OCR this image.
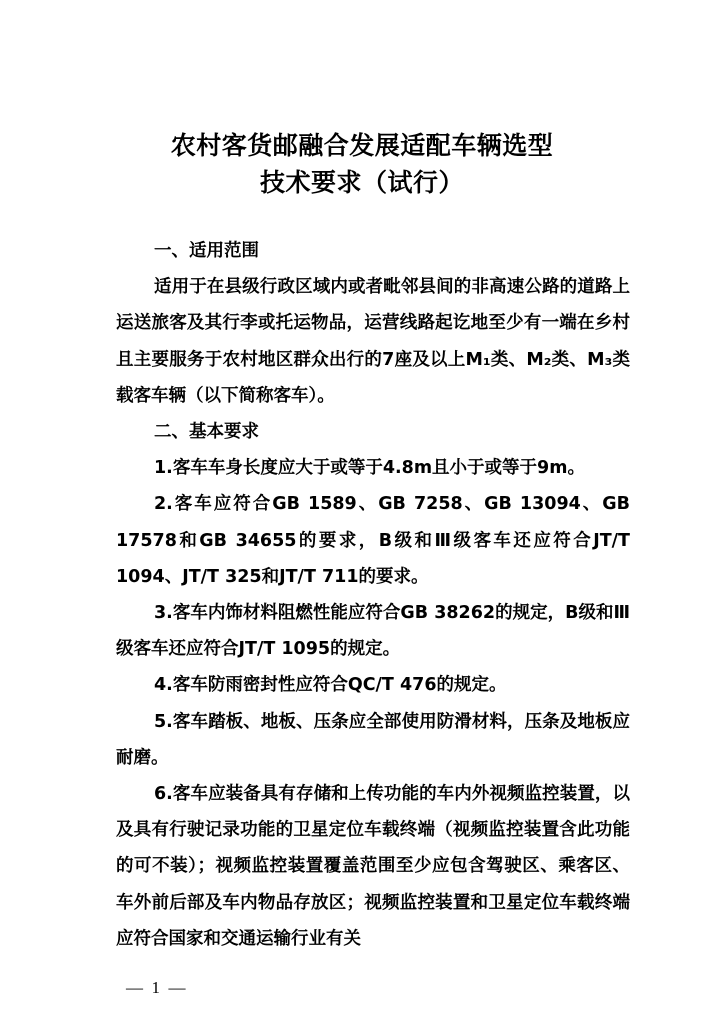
农村客货邮融合发展适配车辆选型
技术要求（试行）

一、适用范围

适用于在县级行政区域内或者毗邻县间的非高速公路的道路上运送旅客及其行李或托运物品，运营线路起讫地至少有一端在乡村且主要服务于农村地区群众出行的7座及以上M₁类、M₂类、M₃类载客车辆（以下简称客车）。

二、基本要求

1.客车车身长度应大于或等于4.8m且小于或等于9m。

2.客车应符合GB 1589、GB 7258、GB 13094、GB 17578和GB 34655的要求，B级和Ⅲ级客车还应符合JT/T 1094、JT/T 325和JT/T 711的要求。

3.客车内饰材料阻燃性能应符合GB 38262的规定，B级和Ⅲ级客车还应符合JT/T 1095的规定。

4.客车防雨密封性应符合QC/T 476的规定。

5.客车踏板、地板、压条应全部使用防滑材料，压条及地板应耐磨。

6.客车应装备具有存储和上传功能的车内外视频监控装置，以及具有行驶记录功能的卫星定位车载终端（视频监控装置含此功能的可不装）；视频监控装置覆盖范围至少应包含驾驶区、乘客区、车外前后部及车内物品存放区；视频监控装置和卫星定位车载终端应符合国家和交通运输行业有关

—  1  —
